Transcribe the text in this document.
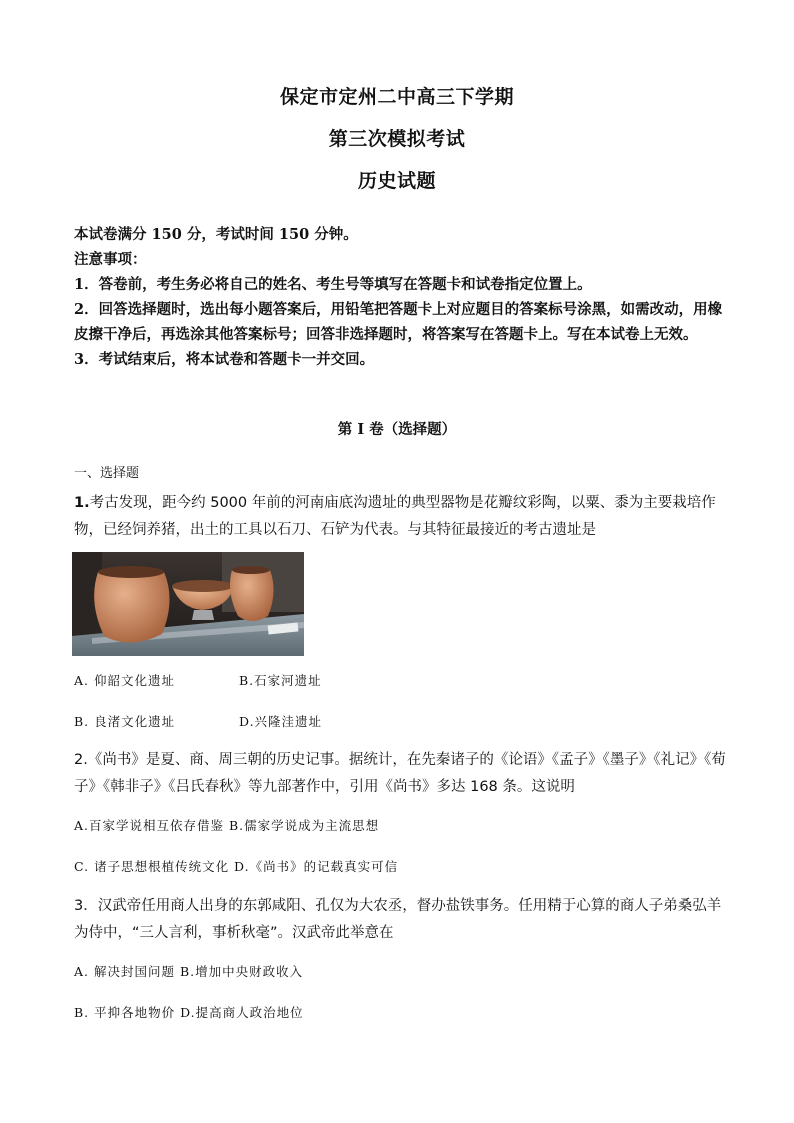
保定市定州二中高三下学期
第三次模拟考试
历史试题

本试卷满分 150 分，考试时间 150 分钟。

注意事项：

1．答卷前，考生务必将自己的姓名、考生号等填写在答题卡和试卷指定位置上。

2．回答选择题时，选出每小题答案后，用铅笔把答题卡上对应题目的答案标号涂黑，如需改动，用橡皮擦干净后，再选涂其他答案标号；回答非选择题时，将答案写在答题卡上。写在本试卷上无效。

3．考试结束后，将本试卷和答题卡一并交回。

第 I 卷（选择题）
一、选择题

1.考古发现，距今约 5000 年前的河南庙底沟遗址的典型器物是花瓣纹彩陶，以粟、黍为主要栽培作物，已经饲养猪，出土的工具以石刀、石铲为代表。与其特征最接近的考古遗址是

A. 仰韶文化遗址	B.石家河遗址
B. 良渚文化遗址	D.兴隆洼遗址

2.《尚书》是夏、商、周三朝的历史记事。据统计，在先秦诸子的《论语》《孟子》《墨子》《礼记》《荀子》《韩非子》《吕氏春秋》等九部著作中，引用《尚书》多达 168 条。这说明

A.百家学说相互依存借鉴 B.儒家学说成为主流思想
C. 诸子思想根植传统文化 D.《尚书》的记载真实可信

3．汉武帝任用商人出身的东郭咸阳、孔仅为大农丞，督办盐铁事务。任用精于心算的商人子弟桑弘羊为侍中，“三人言利，事析秋毫”。汉武帝此举意在

A. 解决封国问题 B.增加中央财政收入
B. 平抑各地物价 D.提高商人政治地位
